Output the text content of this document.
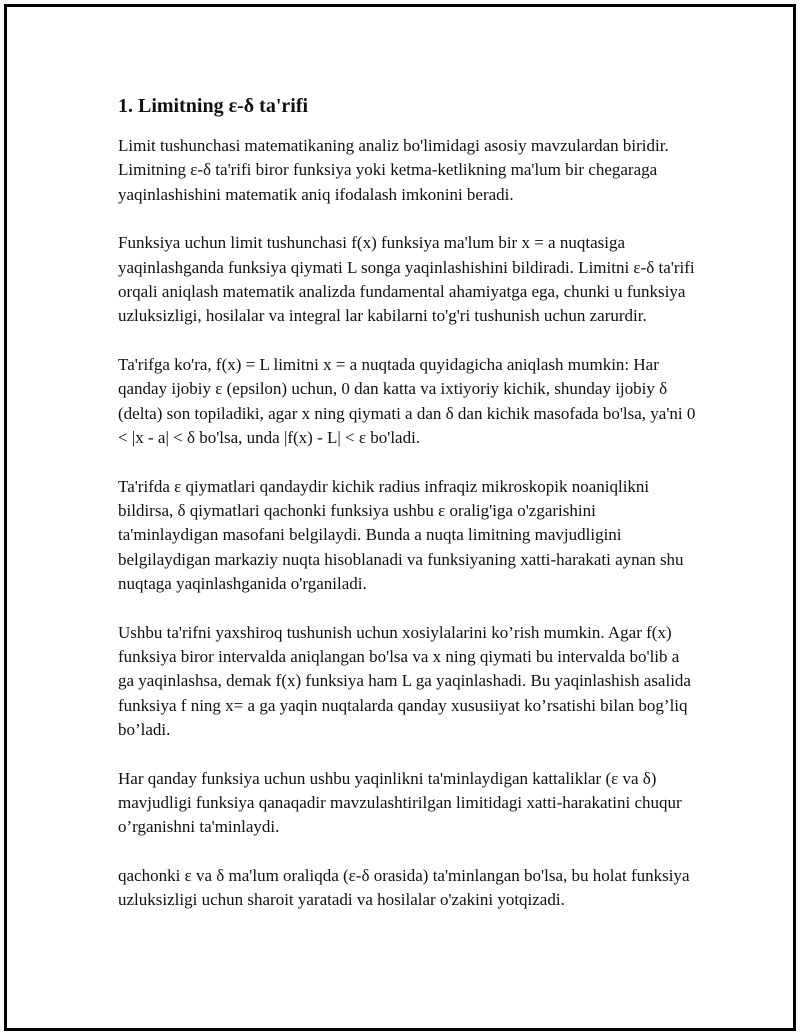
1. Limitning ε-δ ta'rifi

Limit tushunchasi matematikaning analiz bo'limidagi asosiy mavzulardan biridir. Limitning ε-δ ta'rifi biror funksiya yoki ketma-ketlikning ma'lum bir chegaraga yaqinlashishini matematik aniq ifodalash imkonini beradi.

Funksiya uchun limit tushunchasi f(x) funksiya ma'lum bir x = a nuqtasiga yaqinlashganda funksiya qiymati L songa yaqinlashishini bildiradi. Limitni ε-δ ta'rifi orqali aniqlash matematik analizda fundamental ahamiyatga ega, chunki u funksiya uzluksizligi, hosilalar va integral lar kabilarni to'g'ri tushunish uchun zarurdir.

Ta'rifga ko'ra, f(x) = L limitni x = a nuqtada quyidagicha aniqlash mumkin: Har qanday ijobiy ε (epsilon) uchun, 0 dan katta va ixtiyoriy kichik, shunday ijobiy δ (delta) son topiladiki, agar x ning qiymati a dan δ dan kichik masofada bo'lsa, ya'ni 0 < |x - a| < δ bo'lsa, unda |f(x) - L| < ε bo'ladi.

Ta'rifda ε qiymatlari qandaydir kichik radius infraqiz mikroskopik noaniqlikni bildirsa, δ qiymatlari qachonki funksiya ushbu ε oralig'iga o'zgarishini ta'minlaydigan masofani belgilaydi. Bunda a nuqta limitning mavjudligini belgilaydigan markaziy nuqta hisoblanadi va funksiyaning xatti-harakati aynan shu nuqtaga yaqinlashganida o'rganiladi.

Ushbu ta'rifni yaxshiroq tushunish uchun xosiylalarini ko’rish mumkin. Agar f(x) funksiya biror intervalda aniqlangan bo'lsa va x ning qiymati bu intervalda bo'lib a ga yaqinlashsa, demak f(x) funksiya ham L ga yaqinlashadi. Bu yaqinlashish asalida funksiya f ning x= a ga yaqin nuqtalarda qanday xususiiyat ko’rsatishi bilan bog’liq bo’ladi.

Har qanday funksiya uchun ushbu yaqinlikni ta'minlaydigan kattaliklar (ε va δ) mavjudligi funksiya qanaqadir mavzulashtirilgan limitidagi xatti-harakatini chuqur o’rganishni ta'minlaydi.

qachonki ε va δ ma'lum oraliqda (ε-δ orasida) ta'minlangan bo'lsa, bu holat funksiya uzluksizligi uchun sharoit yaratadi va hosilalar o'zakini yotqizadi.
